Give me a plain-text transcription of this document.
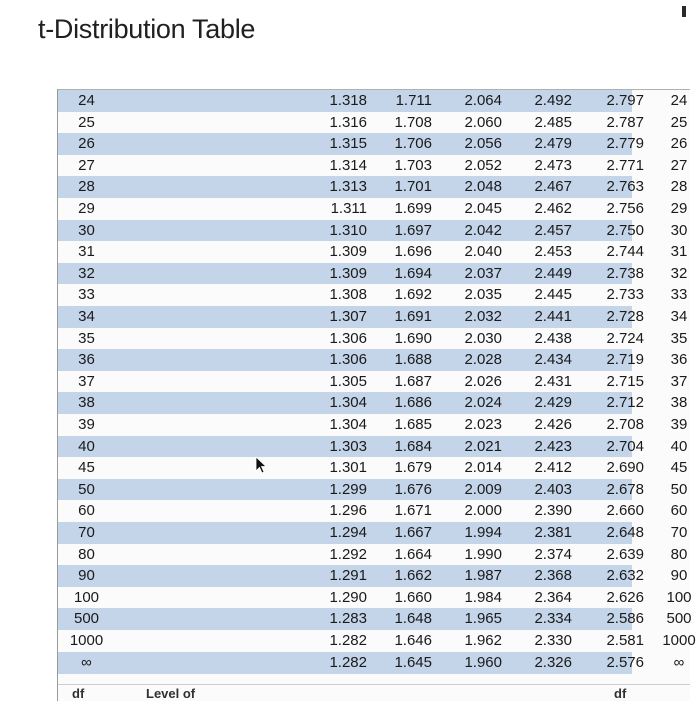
t-Distribution Table
24	1.318 1.711 2.064 2.492 2.797	24
25	1.316 1.708 2.060 2.485 2.787	25
26	1.315 1.706 2.056 2.479 2.779	26
27	1.314 1.703 2.052 2.473 2.771	27
28	1.313 1.701 2.048 2.467 2.763	28
29	1.311 1.699 2.045 2.462 2.756	29
30	1.310 1.697 2.042 2.457 2.750	30
31	1.309 1.696 2.040 2.453 2.744	31
32	1.309 1.694 2.037 2.449 2.738	32
33	1.308 1.692 2.035 2.445 2.733	33
34	1.307 1.691 2.032 2.441 2.728	34
35	1.306 1.690 2.030 2.438 2.724	35
36	1.306 1.688 2.028 2.434 2.719	36
37	1.305 1.687 2.026 2.431 2.715	37
38	1.304 1.686 2.024 2.429 2.712	38
39	1.304 1.685 2.023 2.426 2.708	39
40	1.303 1.684 2.021 2.423 2.704	40
45	1.301 1.679 2.014 2.412 2.690	45
50	1.299 1.676 2.009 2.403 2.678	50
60	1.296 1.671 2.000 2.390 2.660	60
70	1.294 1.667 1.994 2.381 2.648	70
80	1.292 1.664 1.990 2.374 2.639	80
90	1.291 1.662 1.987 2.368 2.632	90
100	1.290 1.660 1.984 2.364 2.626	100
500	1.283 1.648 1.965 2.334 2.586	500
1000	1.282 1.646 1.962 2.330 2.581	1000
∞	1.282 1.645 1.960 2.326 2.576	∞
df	Level of	df
